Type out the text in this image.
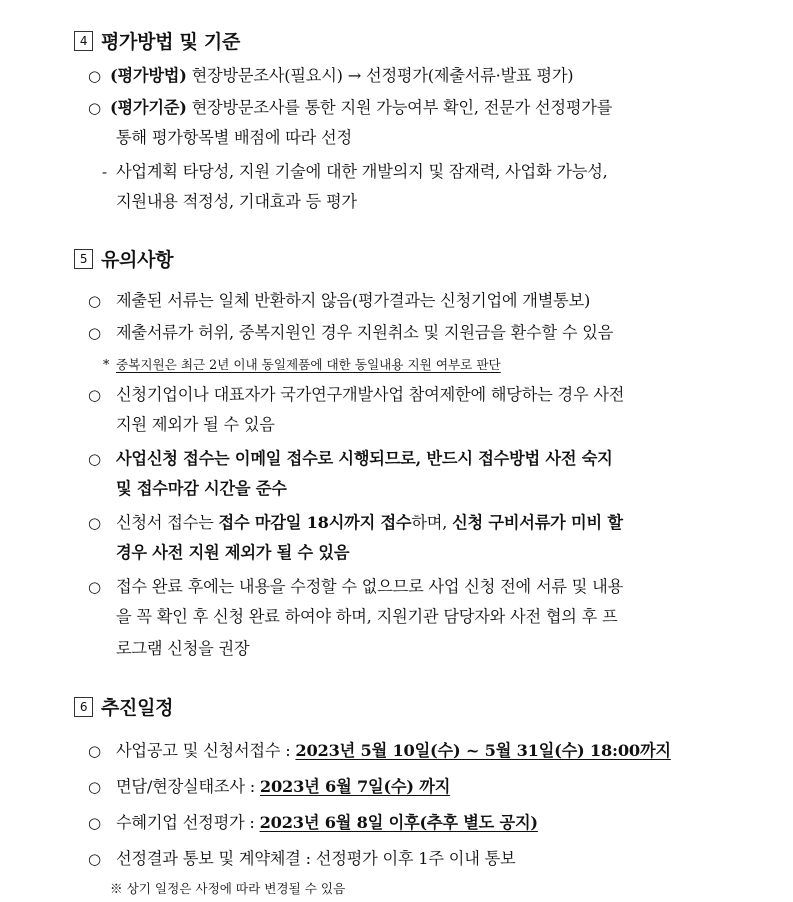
4 평가방법 및 기준
○ (평가방법) 현장방문조사(필요시) → 선정평가(제출서류·발표 평가)
○ (평가기준) 현장방문조사를 통한 지원 가능여부 확인, 전문가 선정평가를
통해 평가항목별 배점에 따라 선정
- 사업계획 타당성, 지원 기술에 대한 개발의지 및 잠재력, 사업화 가능성,
지원내용 적정성, 기대효과 등 평가
5 유의사항
○ 제출된 서류는 일체 반환하지 않음(평가결과는 신청기업에 개별통보)
○ 제출서류가 허위, 중복지원인 경우 지원취소 및 지원금을 환수할 수 있음
* 중복지원은 최근 2년 이내 동일제품에 대한 동일내용 지원 여부로 판단
○ 신청기업이나 대표자가 국가연구개발사업 참여제한에 해당하는 경우 사전
지원 제외가 될 수 있음
○ 사업신청 접수는 이메일 접수로 시행되므로, 반드시 접수방법 사전 숙지
및 접수마감 시간을 준수
○ 신청서 접수는 접수 마감일 18시까지 접수하며, 신청 구비서류가 미비 할
경우 사전 지원 제외가 될 수 있음
○ 접수 완료 후에는 내용을 수정할 수 없으므로 사업 신청 전에 서류 및 내용
을 꼭 확인 후 신청 완료 하여야 하며, 지원기관 담당자와 사전 협의 후 프
로그램 신청을 권장
6 추진일정
○ 사업공고 및 신청서접수 : 2023년 5월 10일(수) ~ 5월 31일(수) 18:00까지
○ 면담/현장실태조사 : 2023년 6월 7일(수) 까지
○ 수혜기업 선정평가 : 2023년 6월 8일 이후(추후 별도 공지)
○ 선정결과 통보 및 계약체결 : 선정평가 이후 1주 이내 통보
※ 상기 일정은 사정에 따라 변경될 수 있음
